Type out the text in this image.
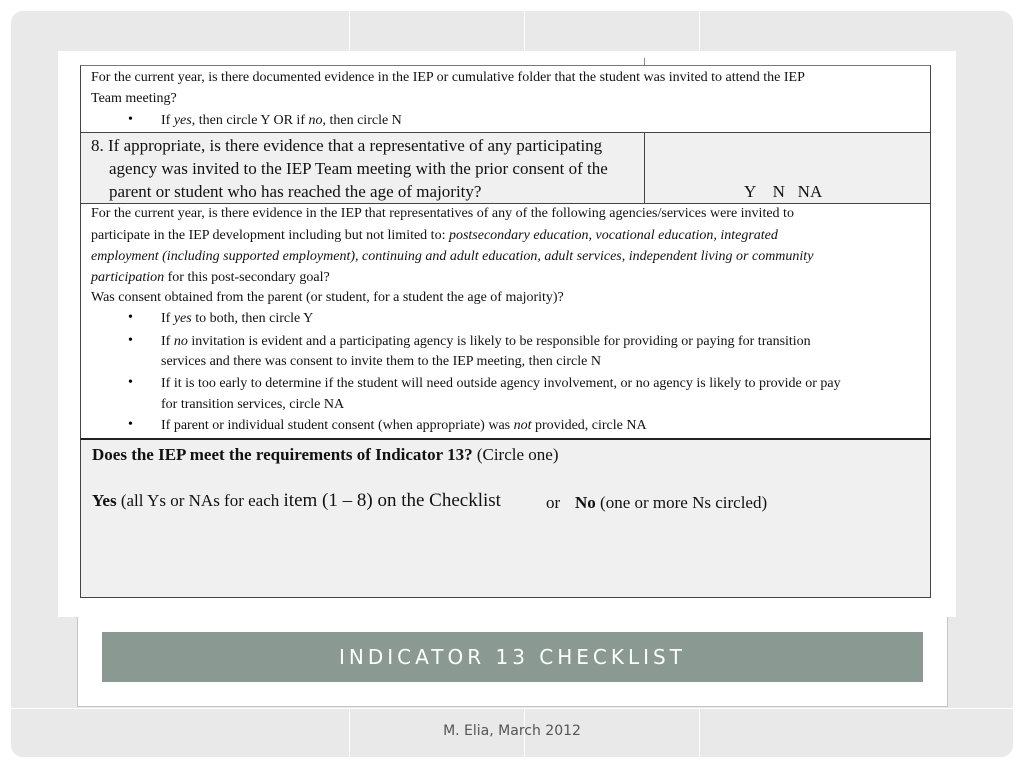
For the current year, is there documented evidence in the IEP or cumulative folder that the student was invited to attend the IEP
Team meeting?
• If yes, then circle Y OR if no, then circle N
8. If appropriate, is there evidence that a representative of any participating
agency was invited to the IEP Team meeting with the prior consent of the
parent or student who has reached the age of majority?	Y    N   NA
For the current year, is there evidence in the IEP that representatives of any of the following agencies/services were invited to
participate in the IEP development including but not limited to: postsecondary education, vocational education, integrated
employment (including supported employment), continuing and adult education, adult services, independent living or community
participation for this post-secondary goal?
Was consent obtained from the parent (or student, for a student the age of majority)?
• If yes to both, then circle Y
• If no invitation is evident and a participating agency is likely to be responsible for providing or paying for transition
services and there was consent to invite them to the IEP meeting, then circle N
• If it is too early to determine if the student will need outside agency involvement, or no agency is likely to provide or pay
for transition services, circle NA
• If parent or individual student consent (when appropriate) was not provided, circle NA
Does the IEP meet the requirements of Indicator 13? (Circle one)
Yes (all Ys or NAs for each item (1 – 8) on the Checklist	or No (one or more Ns circled)
INDICATOR 13 CHECKLIST
M. Elia, March 2012
